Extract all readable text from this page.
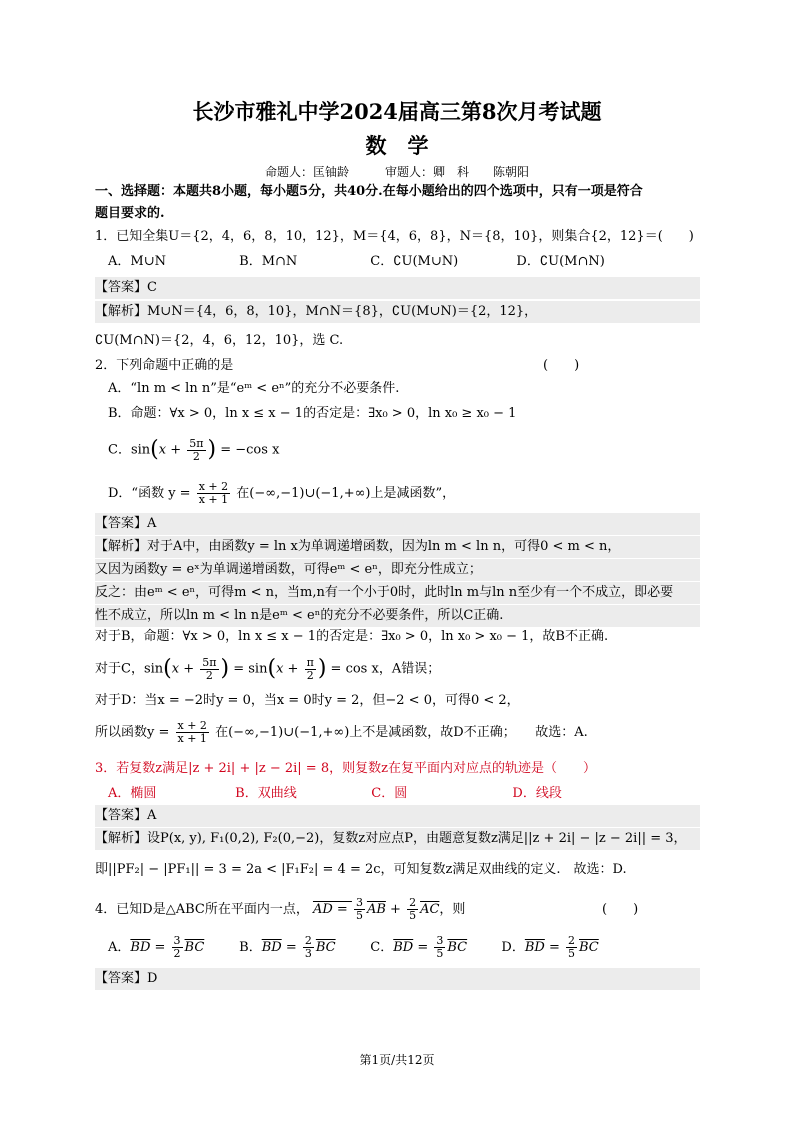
长沙市雅礼中学2024届高三第8次月考试题
数　学
命题人：匡铀龄　　　审题人：卿　科　　陈朝阳
一、选择题：本题共8小题，每小题5分，共40分.在每小题给出的四个选项中，只有一项是符合
题目要求的.
1．已知全集U＝{2，4，6，8，10，12}，M＝{4，6，8}，N＝{8，10}，则集合{2，12}＝(　　)
A．M∪N	B．M∩N	C．∁U(M∪N)	D．∁U(M∩N)
【答案】C
【解析】M∪N＝{4，6，8，10}，M∩N＝{8}，∁U(M∪N)＝{2，12}，
∁U(M∩N)＝{2，4，6，12，10}，选 C.
2．下列命题中正确的是	(　　)
A．“ln m < ln n”是“eᵐ < eⁿ”的充分不必要条件.
B．命题：∀x > 0，ln x ≤ x − 1的否定是：∃x₀ > 0，ln x₀ ≥ x₀ − 1
C．$\sin(x + \frac{5\pi}{2}$ ) = −cos x
D．“函数 $y = \frac{x + 2}{x + 1}$ 在(−∞,−1)∪(−1,+∞)上是减函数”，
【答案】A
【解析】对于A中，由函数y = ln x为单调递增函数，因为ln m < ln n，可得0 < m < n，
又因为函数y = eˣ为单调递增函数，可得eᵐ < eⁿ，即充分性成立；
反之：由eᵐ < eⁿ，可得m < n，当m,n有一个小于0时，此时ln m与ln n至少有一个不成立，即必要
性不成立，所以ln m < ln n是eᵐ < eⁿ的充分不必要条件，所以C正确.
对于B，命题：∀x > 0，ln x ≤ x − 1的否定是：∃x₀ > 0，ln x₀ > x₀ − 1，故B不正确.
对于C，$\sin(x + \frac{5\pi}{2}$ ) = $\sin(x + \frac{\pi}{2}$ ) = cos x，A错误；
对于D：当x = −2时y = 0，当x = 0时y = 2，但−2 < 0，可得0 < 2，
所以函数$y = \frac{x + 2}{x + 1}$ 在(−∞,−1)∪(−1,+∞)上不是减函数，故D不正确；　　故选：A.
3．若复数z满足|z + 2i| + |z − 2i| = 8，则复数z在复平面内对应点的轨迹是（　　）
A．椭圆	B．双曲线	C．圆	D．线段
【答案】A
【解析】设P(x, y), F₁(0,2), F₂(0,−2)，复数z对应点P，由题意复数z满足||z + 2i| − |z − 2i|| = 3，
即||PF₂| − |PF₁|| = 3 = 2a < |F₁F₂| = 4 = 2c，可知复数z满足双曲线的定义.　故选：D.
4．已知D是△ABC所在平面内一点， AD = $\frac{3}{5} \overline{AB} + \frac{2}{5} \overline{AC}$，则	(　　)
A．$\overline{BD} = \frac{3}{2} \overline{BC}$	B．$\overline{BD} = \frac{2}{3} \overline{BC}$	C．$\overline{BD} = \frac{3}{5} \overline{BC}$	D．$\overline{BD} = \frac{2}{5} \overline{BC}$
【答案】D
第1页/共12页
